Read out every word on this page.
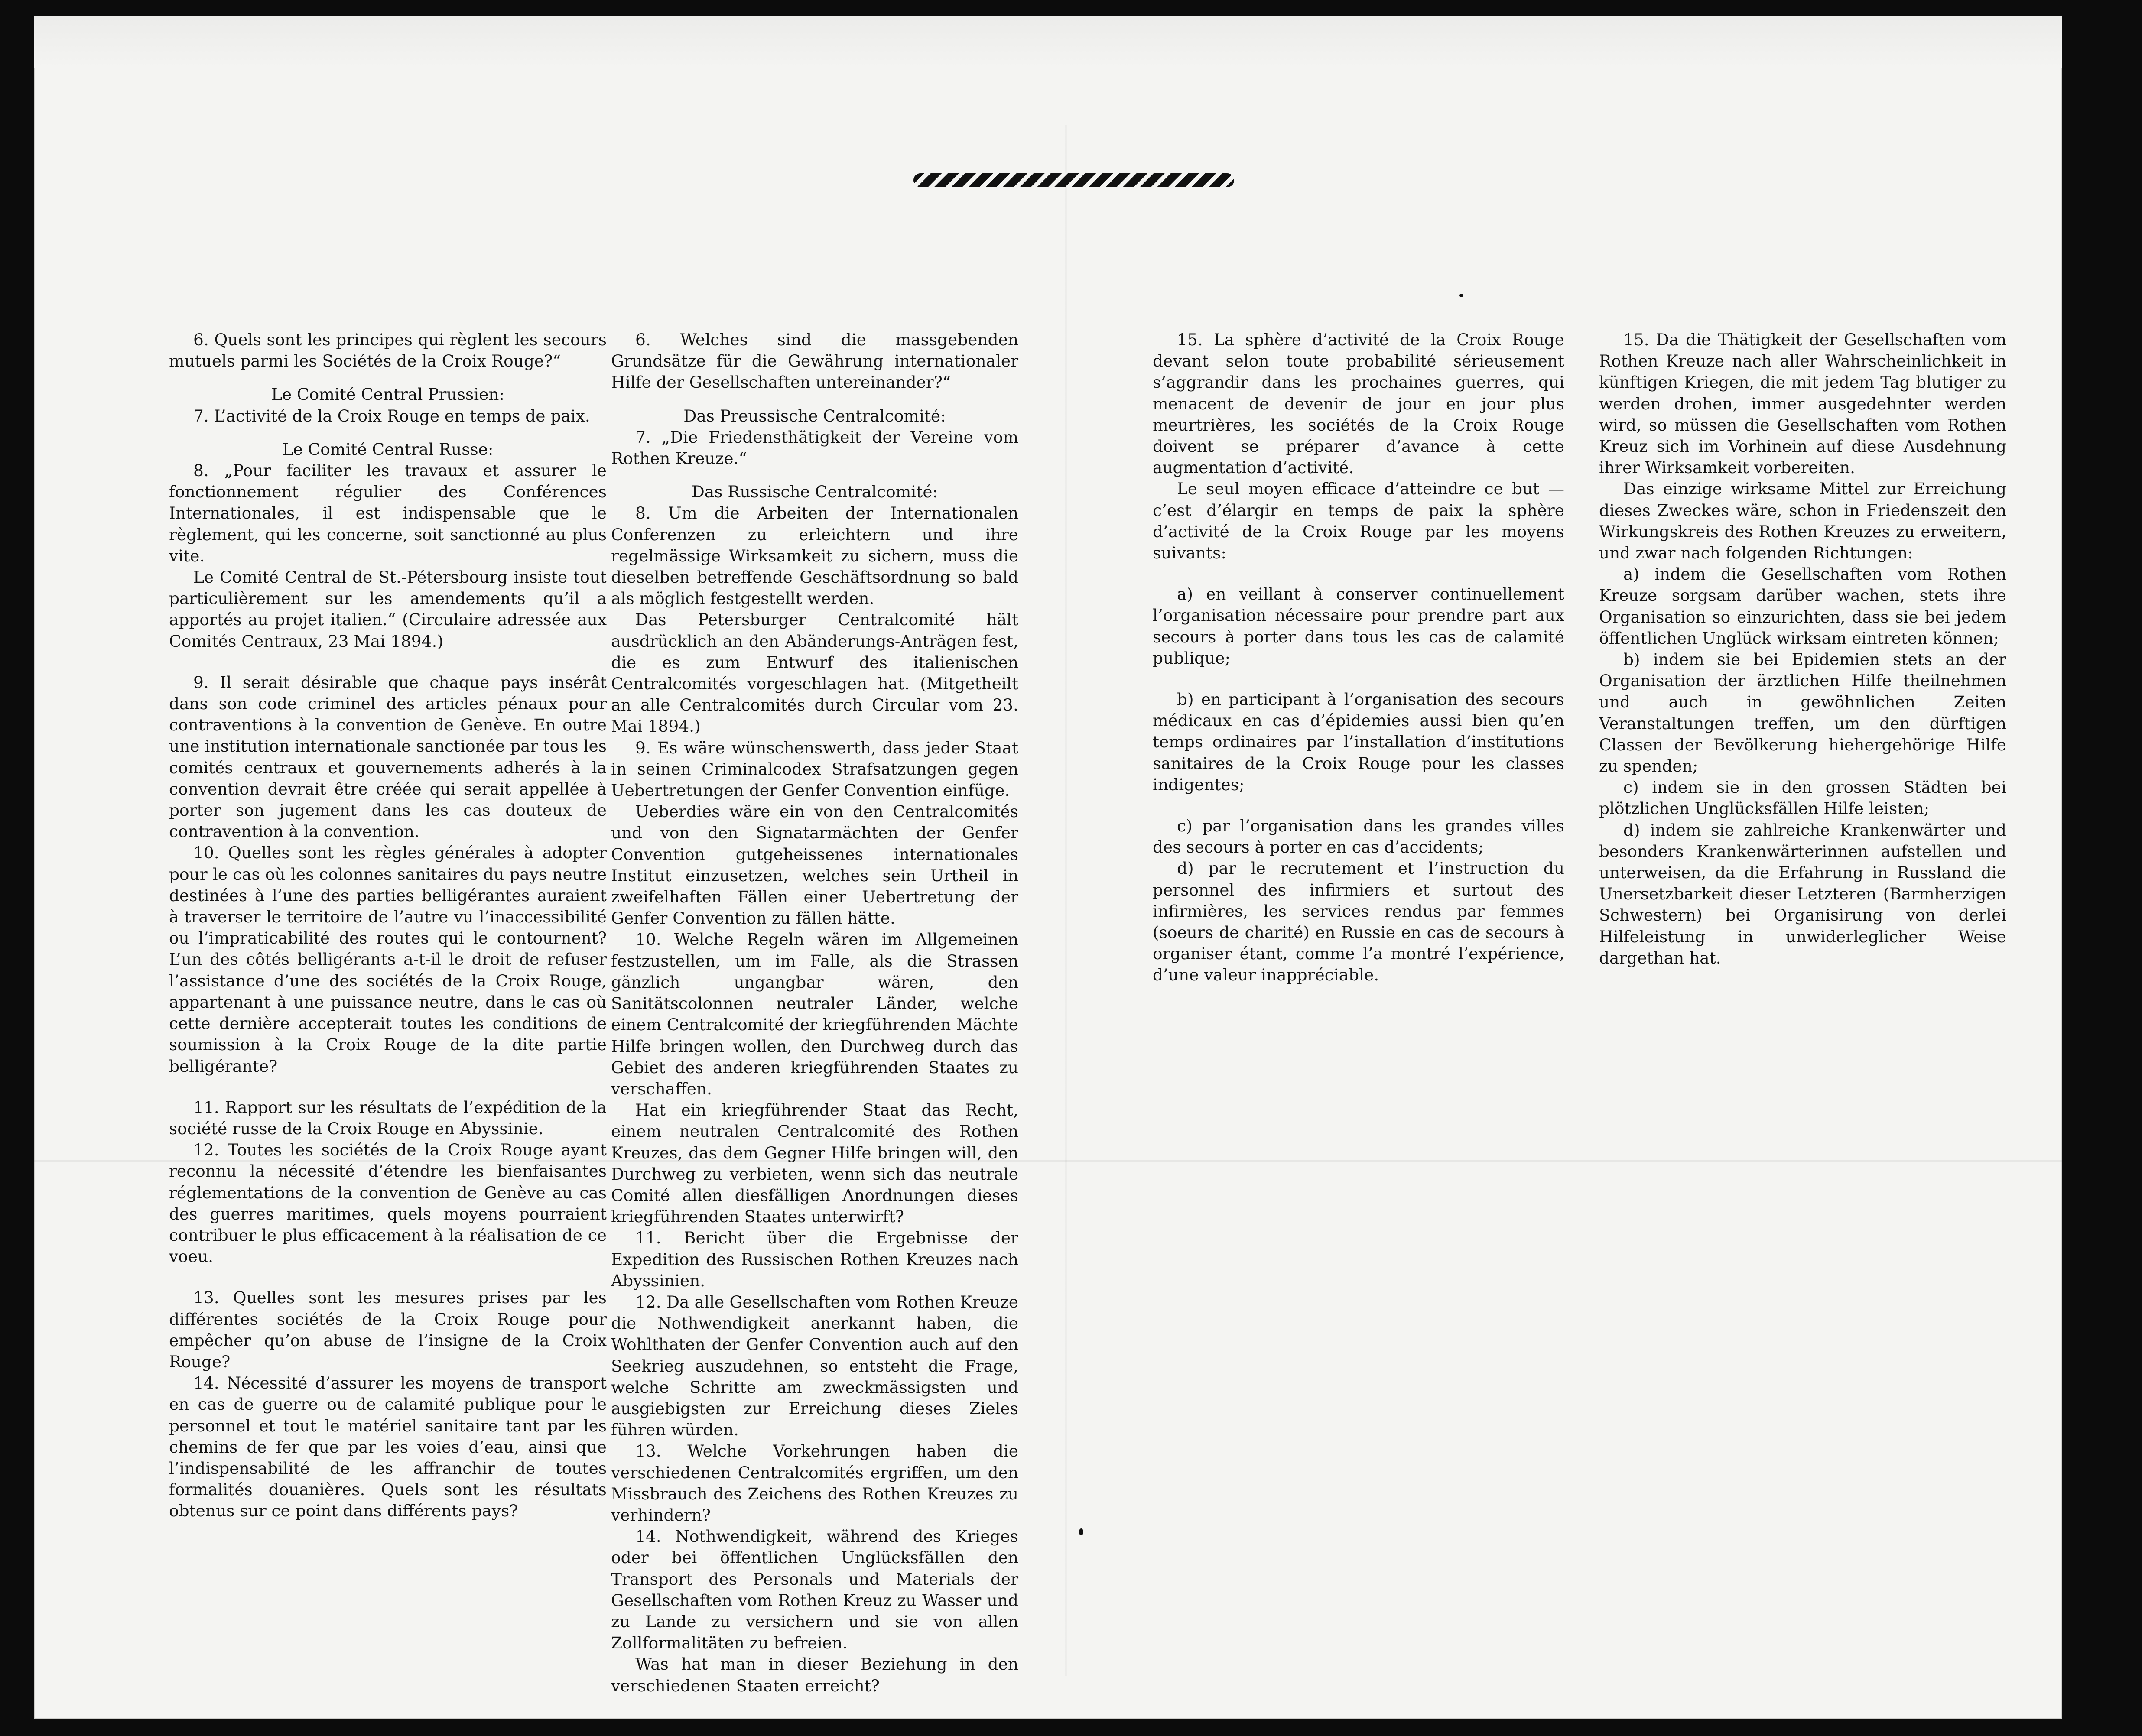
6. Quels sont les principes qui règlent les secours mutuels parmi les Sociétés de la Croix Rouge?“

Le Comité Central Prussien:

7. L’activité de la Croix Rouge en temps de paix.

Le Comité Central Russe:

8. „Pour faciliter les travaux et assurer le fonctionnement régulier des Conférences Internationales, il est indispensable que le règlement, qui les concerne, soit sanctionné au plus vite.

Le Comité Central de St.-Pétersbourg insiste tout particulièrement sur les amendements qu’il a apportés au projet italien.“ (Circulaire adressée aux Comités Centraux, 23 Mai 1894.)

9. Il serait désirable que chaque pays insérât dans son code criminel des articles pénaux pour contraventions à la convention de Genève. En outre une institution internationale sanctionée par tous les comités centraux et gouvernements adherés à la convention devrait être créée qui serait appellée à porter son jugement dans les cas douteux de contravention à la convention.

10. Quelles sont les règles générales à adopter pour le cas où les colonnes sanitaires du pays neutre destinées à l’une des parties belligérantes auraient à traverser le territoire de l’autre vu l’inaccessibilité ou l’impraticabilité des routes qui le contournent? L’un des côtés belligérants a-t-il le droit de refuser l’assistance d’une des sociétés de la Croix Rouge, appartenant à une puissance neutre, dans le cas où cette dernière accepterait toutes les conditions de soumission à la Croix Rouge de la dite partie belligérante?

11. Rapport sur les résultats de l’expédition de la société russe de la Croix Rouge en Abyssinie.

12. Toutes les sociétés de la Croix Rouge ayant reconnu la nécessité d’étendre les bienfaisantes réglementations de la convention de Genève au cas des guerres maritimes, quels moyens pourraient contribuer le plus efficacement à la réalisation de ce voeu.

13. Quelles sont les mesures prises par les différentes sociétés de la Croix Rouge pour empêcher qu’on abuse de l’insigne de la Croix Rouge?

14. Nécessité d’assurer les moyens de transport en cas de guerre ou de calamité publique pour le personnel et tout le matériel sanitaire tant par les chemins de fer que par les voies d’eau, ainsi que l’indispensabilité de les affranchir de toutes formalités douanières. Quels sont les résultats obtenus sur ce point dans différents pays?

6. Welches sind die massgebenden Grundsätze für die Gewährung internationaler Hilfe der Gesellschaften untereinander?“

Das Preussische Centralcomité:

7. „Die Friedensthätigkeit der Vereine vom Rothen Kreuze.“

Das Russische Centralcomité:

8. Um die Arbeiten der Internationalen Conferenzen zu erleichtern und ihre regelmässige Wirksamkeit zu sichern, muss die dieselben betreffende Geschäftsordnung so bald als möglich festgestellt werden.

Das Petersburger Centralcomité hält ausdrücklich an den Abänderungs-Anträgen fest, die es zum Entwurf des italienischen Centralcomités vorgeschlagen hat. (Mitgetheilt an alle Centralcomités durch Circular vom 23. Mai 1894.)

9. Es wäre wünschenswerth, dass jeder Staat in seinen Criminalcodex Strafsatzungen gegen Uebertretungen der Genfer Convention einfüge.

Ueberdies wäre ein von den Centralcomités und von den Signatarmächten der Genfer Convention gutgeheissenes internationales Institut einzusetzen, welches sein Urtheil in zweifelhaften Fällen einer Uebertretung der Genfer Convention zu fällen hätte.

10. Welche Regeln wären im Allgemeinen festzustellen, um im Falle, als die Strassen gänzlich ungangbar wären, den Sanitätscolonnen neutraler Länder, welche einem Centralcomité der kriegführenden Mächte Hilfe bringen wollen, den Durchweg durch das Gebiet des anderen kriegführenden Staates zu verschaffen.

Hat ein kriegführender Staat das Recht, einem neutralen Centralcomité des Rothen Kreuzes, das dem Gegner Hilfe bringen will, den Durchweg zu verbieten, wenn sich das neutrale Comité allen diesfälligen Anordnungen dieses kriegführenden Staates unterwirft?

11. Bericht über die Ergebnisse der Expedition des Russischen Rothen Kreuzes nach Abyssinien.

12. Da alle Gesellschaften vom Rothen Kreuze die Nothwendigkeit anerkannt haben, die Wohlthaten der Genfer Convention auch auf den Seekrieg auszudehnen, so entsteht die Frage, welche Schritte am zweckmässigsten und ausgiebigsten zur Erreichung dieses Zieles führen würden.

13. Welche Vorkehrungen haben die verschiedenen Centralcomités ergriffen, um den Missbrauch des Zeichens des Rothen Kreuzes zu verhindern?

14. Nothwendigkeit, während des Krieges oder bei öffentlichen Unglücksfällen den Transport des Personals und Materials der Gesellschaften vom Rothen Kreuz zu Wasser und zu Lande zu versichern und sie von allen Zollformalitäten zu befreien.

Was hat man in dieser Beziehung in den verschiedenen Staaten erreicht?

15. La sphère d’activité de la Croix Rouge devant selon toute probabilité sérieusement s’aggrandir dans les prochaines guerres, qui menacent de devenir de jour en jour plus meurtrières, les sociétés de la Croix Rouge doivent se préparer d’avance à cette augmentation d’activité.

Le seul moyen efficace d’atteindre ce but — c’est d’élargir en temps de paix la sphère d’activité de la Croix Rouge par les moyens suivants:

a) en veillant à conserver continuellement l’organisation nécessaire pour prendre part aux secours à porter dans tous les cas de calamité publique;

b) en participant à l’organisation des secours médicaux en cas d’épidemies aussi bien qu’en temps ordinaires par l’installation d’institutions sanitaires de la Croix Rouge pour les classes indigentes;

c) par l’organisation dans les grandes villes des secours à porter en cas d’accidents;

d) par le recrutement et l’instruction du personnel des infirmiers et surtout des infirmières, les services rendus par femmes (soeurs de charité) en Russie en cas de secours à organiser étant, comme l’a montré l’expérience, d’une valeur inappréciable.

15. Da die Thätigkeit der Gesellschaften vom Rothen Kreuze nach aller Wahrscheinlichkeit in künftigen Kriegen, die mit jedem Tag blutiger zu werden drohen, immer ausgedehnter werden wird, so müssen die Gesellschaften vom Rothen Kreuz sich im Vorhinein auf diese Ausdehnung ihrer Wirksamkeit vorbereiten.

Das einzige wirksame Mittel zur Erreichung dieses Zweckes wäre, schon in Friedenszeit den Wirkungskreis des Rothen Kreuzes zu erweitern, und zwar nach folgenden Richtungen:

a) indem die Gesellschaften vom Rothen Kreuze sorgsam darüber wachen, stets ihre Organisation so einzurichten, dass sie bei jedem öffentlichen Unglück wirksam eintreten können;

b) indem sie bei Epidemien stets an der Organisation der ärztlichen Hilfe theilnehmen und auch in gewöhnlichen Zeiten Veranstaltungen treffen, um den dürftigen Classen der Bevölkerung hiehergehörige Hilfe zu spenden;

c) indem sie in den grossen Städten bei plötzlichen Unglücksfällen Hilfe leisten;

d) indem sie zahlreiche Krankenwärter und besonders Krankenwärterinnen aufstellen und unterweisen, da die Erfahrung in Russland die Unersetzbarkeit dieser Letzteren (Barmherzigen Schwestern) bei Organisirung von derlei Hilfeleistung in unwiderleglicher Weise dargethan hat.
